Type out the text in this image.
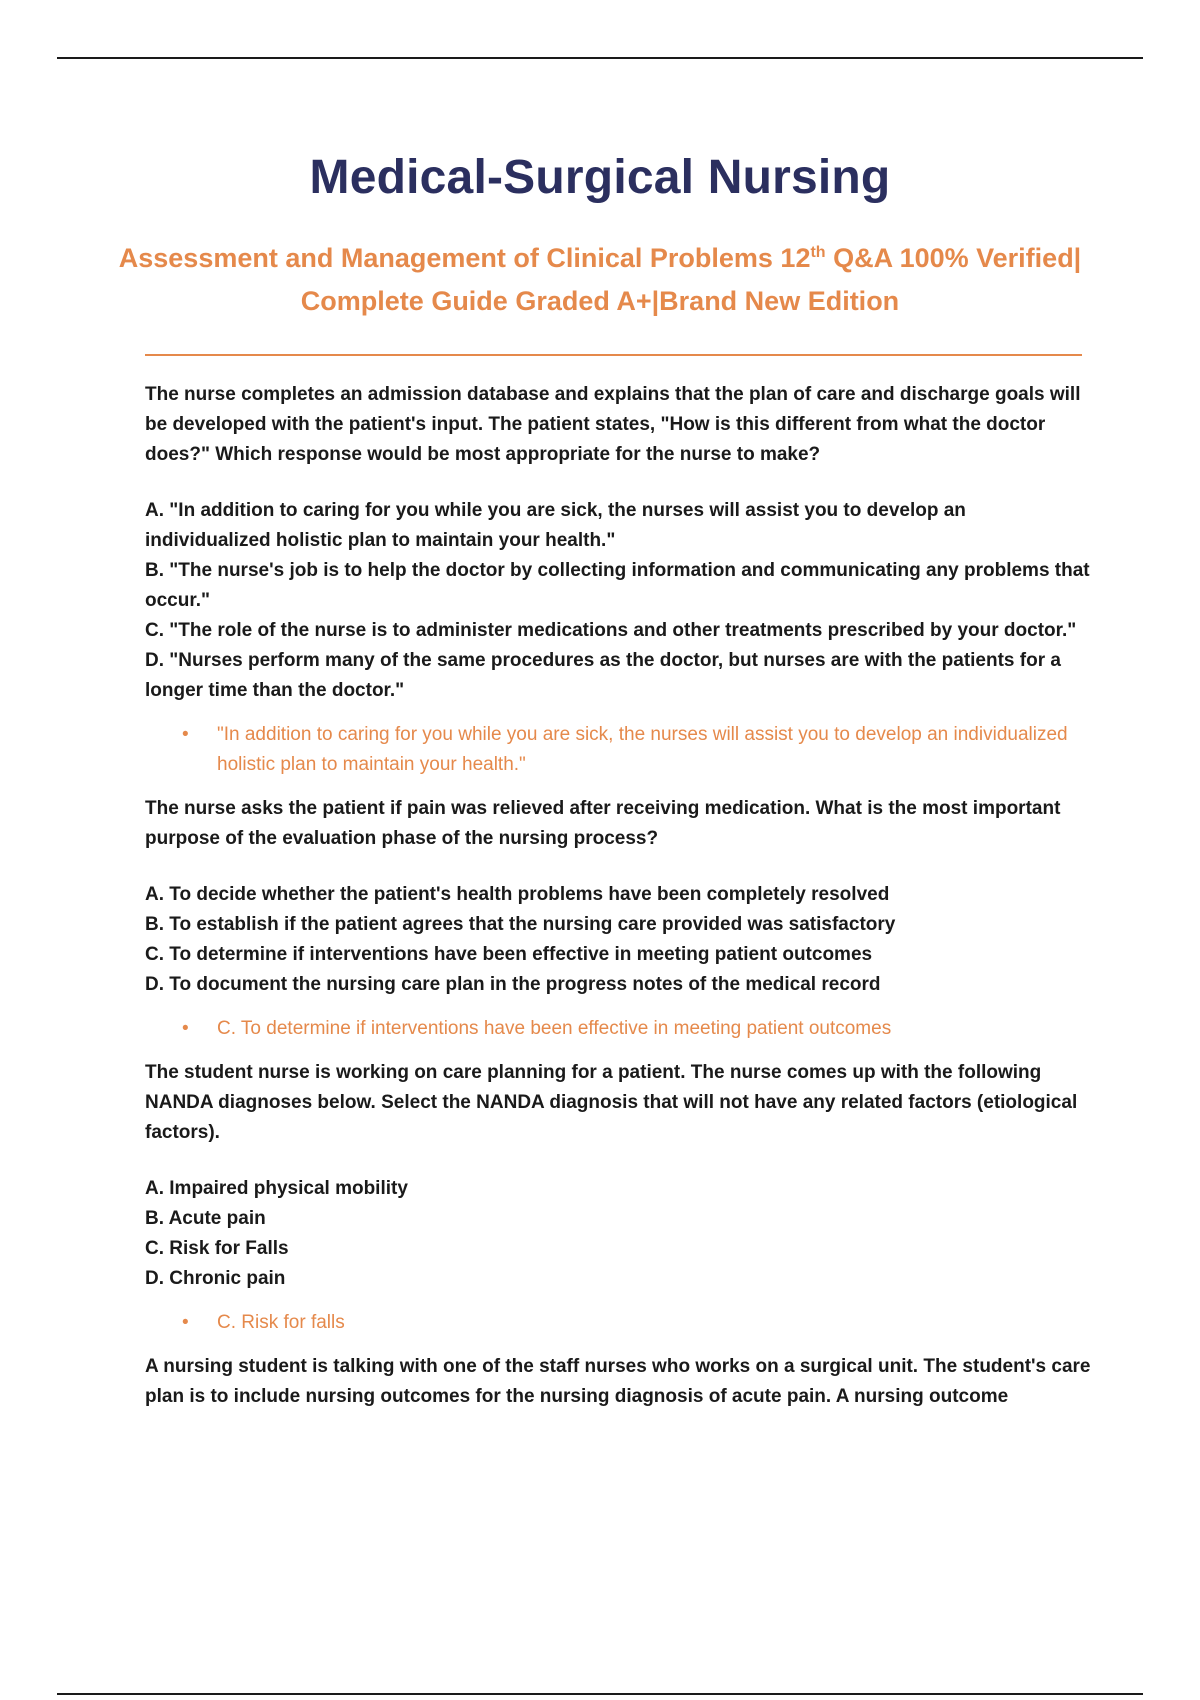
Medical-Surgical Nursing
Assessment and Management of Clinical Problems 12th Q&A 100% Verified| Complete Guide Graded A+|Brand New Edition
The nurse completes an admission database and explains that the plan of care and discharge goals will be developed with the patient's input. The patient states, "How is this different from what the doctor does?" Which response would be most appropriate for the nurse to make?
A. "In addition to caring for you while you are sick, the nurses will assist you to develop an individualized holistic plan to maintain your health."
B. "The nurse's job is to help the doctor by collecting information and communicating any problems that occur."
C. "The role of the nurse is to administer medications and other treatments prescribed by your doctor."
D. "Nurses perform many of the same procedures as the doctor, but nurses are with the patients for a longer time than the doctor."
•	"In addition to caring for you while you are sick, the nurses will assist you to develop an individualized holistic plan to maintain your health."
The nurse asks the patient if pain was relieved after receiving medication. What is the most important purpose of the evaluation phase of the nursing process?
A. To decide whether the patient's health problems have been completely resolved
B. To establish if the patient agrees that the nursing care provided was satisfactory
C. To determine if interventions have been effective in meeting patient outcomes
D. To document the nursing care plan in the progress notes of the medical record
•	C. To determine if interventions have been effective in meeting patient outcomes
The student nurse is working on care planning for a patient. The nurse comes up with the following NANDA diagnoses below. Select the NANDA diagnosis that will not have any related factors (etiological factors).
A. Impaired physical mobility
B. Acute pain
C. Risk for Falls
D. Chronic pain
•	C. Risk for falls
A nursing student is talking with one of the staff nurses who works on a surgical unit. The student's care plan is to include nursing outcomes for the nursing diagnosis of acute pain. A nursing outcome
